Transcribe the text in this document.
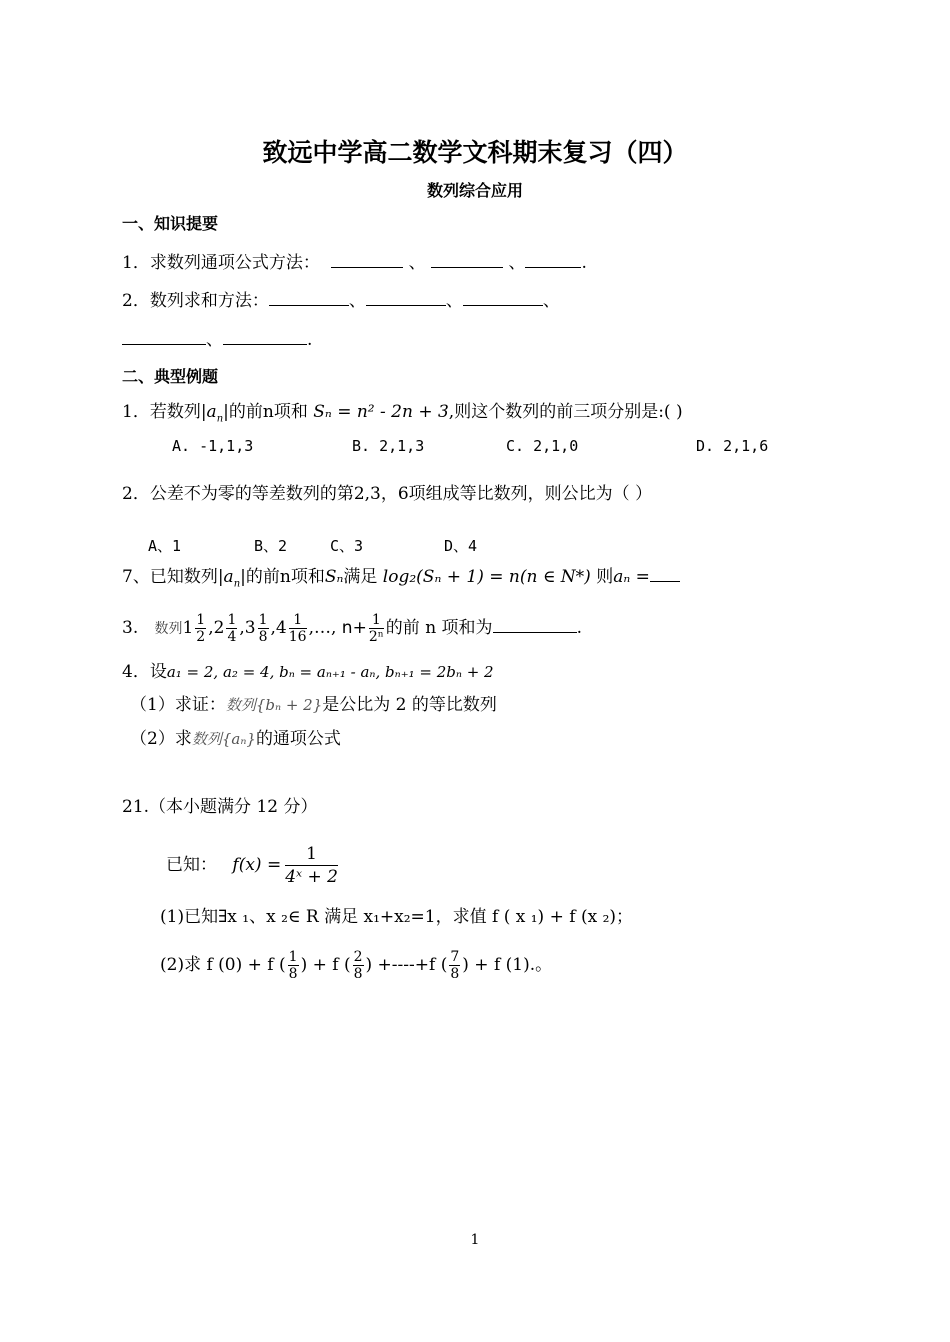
致远中学高二数学文科期末复习（四）
数列综合应用
一、知识提要
1．求数列通项公式方法：	、	、	.
2．数列求和方法：	、	、	、
、	.
二、典型例题
1．若数列$|a_n|$的前n项和 Sₙ = n² - 2n + 3,则这个数列的前三项分别是:( )
A. -1,1,3	B. 2,1,3	C. 2,1,0	D. 2,1,6
2．公差不为零的等差数列的第2,3，6项组成等比数列，则公比为（ ）
A、1	B、2	C、3	D、4
7、已知数列$|a_n|$的前n项和Sₙ满足 log₂(Sₙ + 1) = n(n ∈ N*) 则aₙ =
3. 数列$1 \frac{1}{2} ,2 \frac{1}{4} ,3 \frac{1}{8} ,4 \frac{1}{16}$ ,…, $n+ \frac{1}{\text{2ⁿ}}$ 的前 n 项和为	.
4．设a₁ = 2, a₂ = 4, bₙ = aₙ₊₁ - aₙ, bₙ₊₁ = 2bₙ + 2
（1）求证：数列{bₙ + 2}是公比为 2 的等比数列
（2）求数列{aₙ}的通项公式
21.（本小题满分 12 分）
已知： $f(x) = \frac{1}{\text{4ˣ + 2}}$
(1)已知∃x ₁、x ₂∈ R 满足 x₁+x₂=1，求值 f ( x ₁) + f (x ₂)；
(2)求 f (0) + f ( $\frac{1}{8}$ ) + f ( $\frac{2}{8}$ ) +----+f ( $\frac{7}{8}$ ) + f (1).。
1
